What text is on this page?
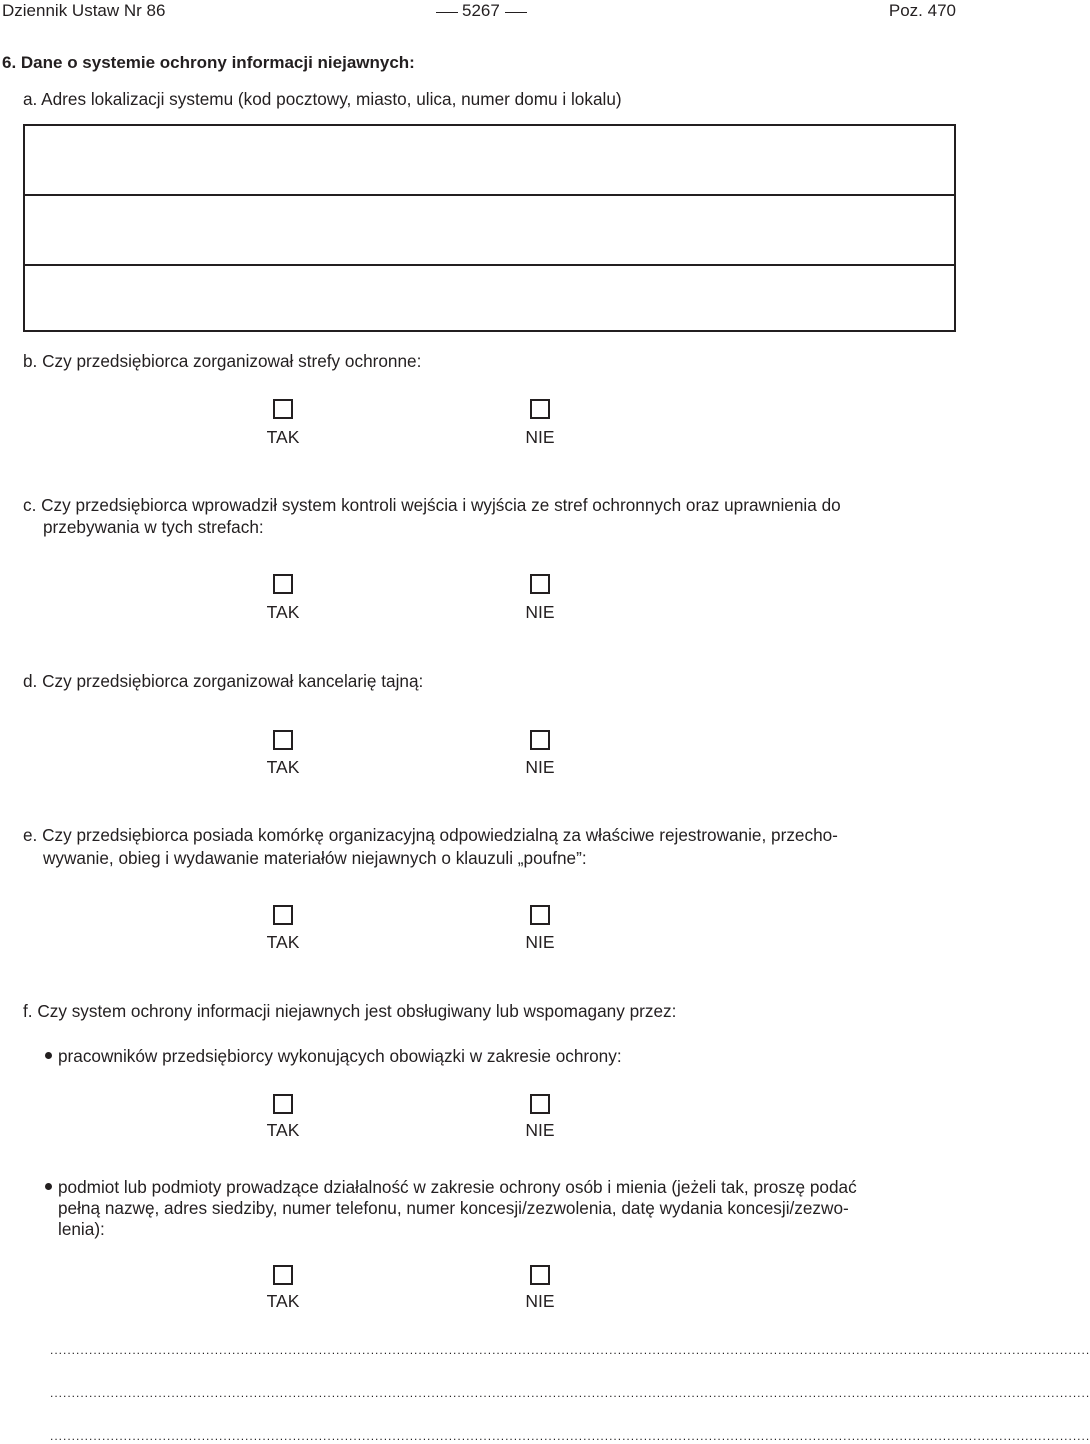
Dziennik Ustaw Nr 86	5267	Poz. 470
6. Dane o systemie ochrony informacji niejawnych:
a. Adres lokalizacji systemu (kod pocztowy, miasto, ulica, numer domu i lokalu)
b. Czy przedsiębiorca zorganizował strefy ochronne:
TAK	NIE
c. Czy przedsiębiorca wprowadził system kontroli wejścia i wyjścia ze stref ochronnych oraz uprawnienia do
przebywania w tych strefach:
TAK	NIE
d. Czy przedsiębiorca zorganizował kancelarię tajną:
TAK	NIE
e. Czy przedsiębiorca posiada komórkę organizacyjną odpowiedzialną za właściwe rejestrowanie, przecho-
wywanie, obieg i wydawanie materiałów niejawnych o klauzuli „poufne”:
TAK	NIE
f. Czy system ochrony informacji niejawnych jest obsługiwany lub wspomagany przez:
pracowników przedsiębiorcy wykonujących obowiązki w zakresie ochrony:
TAK	NIE
podmiot lub podmioty prowadzące działalność w zakresie ochrony osób i mienia (jeżeli tak, proszę podać
pełną nazwę, adres siedziby, numer telefonu, numer koncesji/zezwolenia, datę wydania koncesji/zezwo-
lenia):
TAK	NIE
................................................................................................................................................................................................................................................
................................................................................................................................................................................................................................................
................................................................................................................................................................................................................................................
